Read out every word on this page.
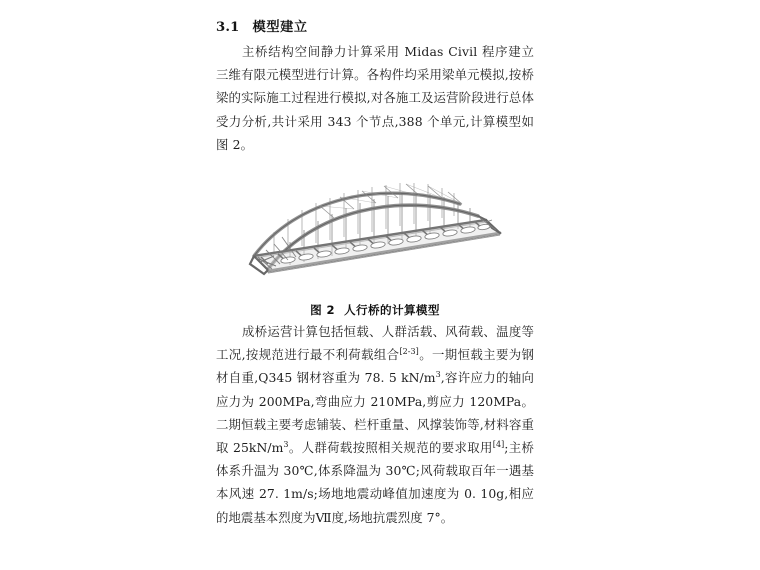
3.1 模型建立

主桥结构空间静力计算采用 Midas Civil 程序建立三维有限元模型进行计算。各构件均采用梁单元模拟,按桥梁的实际施工过程进行模拟,对各施工及运营阶段进行总体受力分析,共计采用 343 个节点,388 个单元,计算模型如图 2。

图 2 人行桥的计算模型

成桥运营计算包括恒载、人群活载、风荷载、温度等工况,按规范进行最不利荷载组合[2-3]。一期恒载主要为钢材自重,Q345 钢材容重为 78. 5 $kN/m^3$,容许应力的轴向应力为 200MPa,弯曲应力 210MPa,剪应力 120MPa。二期恒载主要考虑铺装、栏杆重量、风撑装饰等,材料容重取 $25kN/m^3$。人群荷载按照相关规范的要求取用[4];主桥体系升温为 30℃,体系降温为 30℃;风荷载取百年一遇基本风速 27. 1m/s;场地地震动峰值加速度为 0. 10g,相应的地震基本烈度为Ⅶ度,场地抗震烈度 7°。
